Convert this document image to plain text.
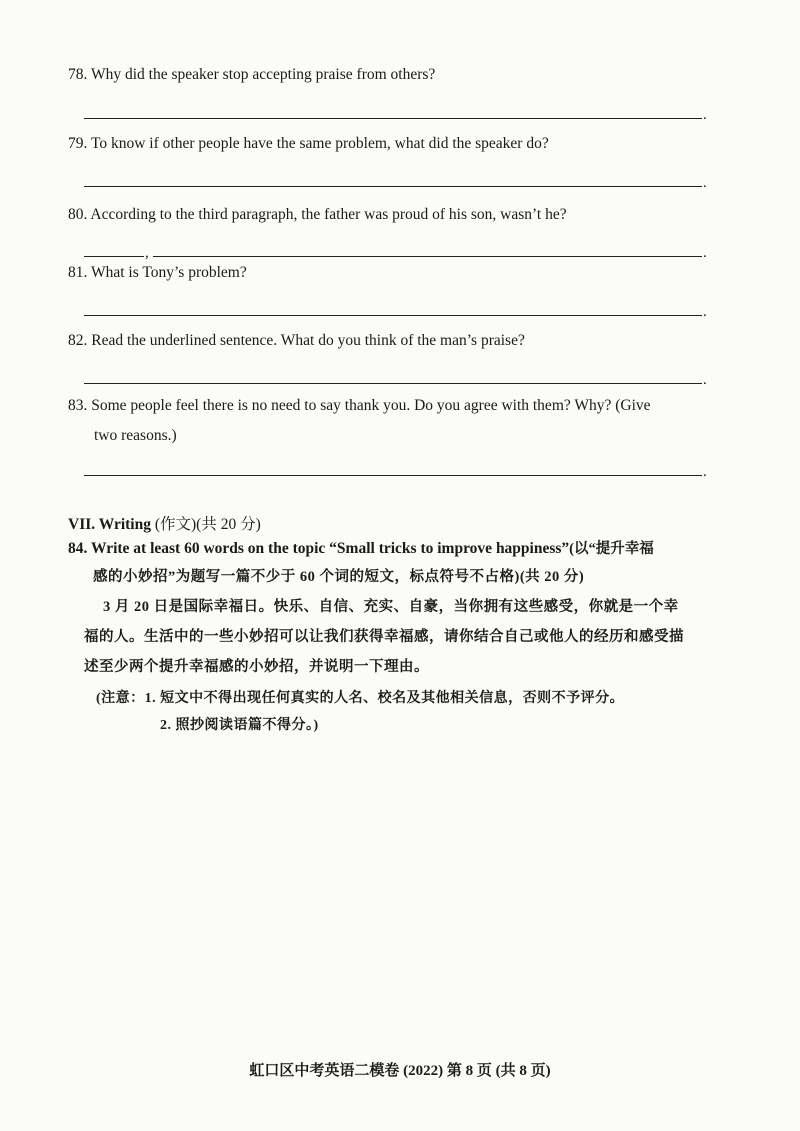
78. Why did the speaker stop accepting praise from others?
.
79. To know if other people have the same problem, what did the speaker do?
.
80. According to the third paragraph, the father was proud of his son, wasn’t he?
,	.
81. What is Tony’s problem?
.
82. Read the underlined sentence. What do you think of the man’s praise?
.
83. Some people feel there is no need to say thank you. Do you agree with them? Why? (Give
two reasons.)
.
VII. Writing (作文)(共 20 分)
84. Write at least 60 words on the topic “Small tricks to improve happiness”(以“提升幸福
感的小妙招”为题写一篇不少于 60 个词的短文，标点符号不占格)(共 20 分)
3 月 20 日是国际幸福日。快乐、自信、充实、自豪，当你拥有这些感受，你就是一个幸
福的人。生活中的一些小妙招可以让我们获得幸福感，请你结合自己或他人的经历和感受描
述至少两个提升幸福感的小妙招，并说明一下理由。
(注意：1. 短文中不得出现任何真实的人名、校名及其他相关信息，否则不予评分。
2. 照抄阅读语篇不得分。)
虹口区中考英语二模卷 (2022) 第 8 页 (共 8 页)
